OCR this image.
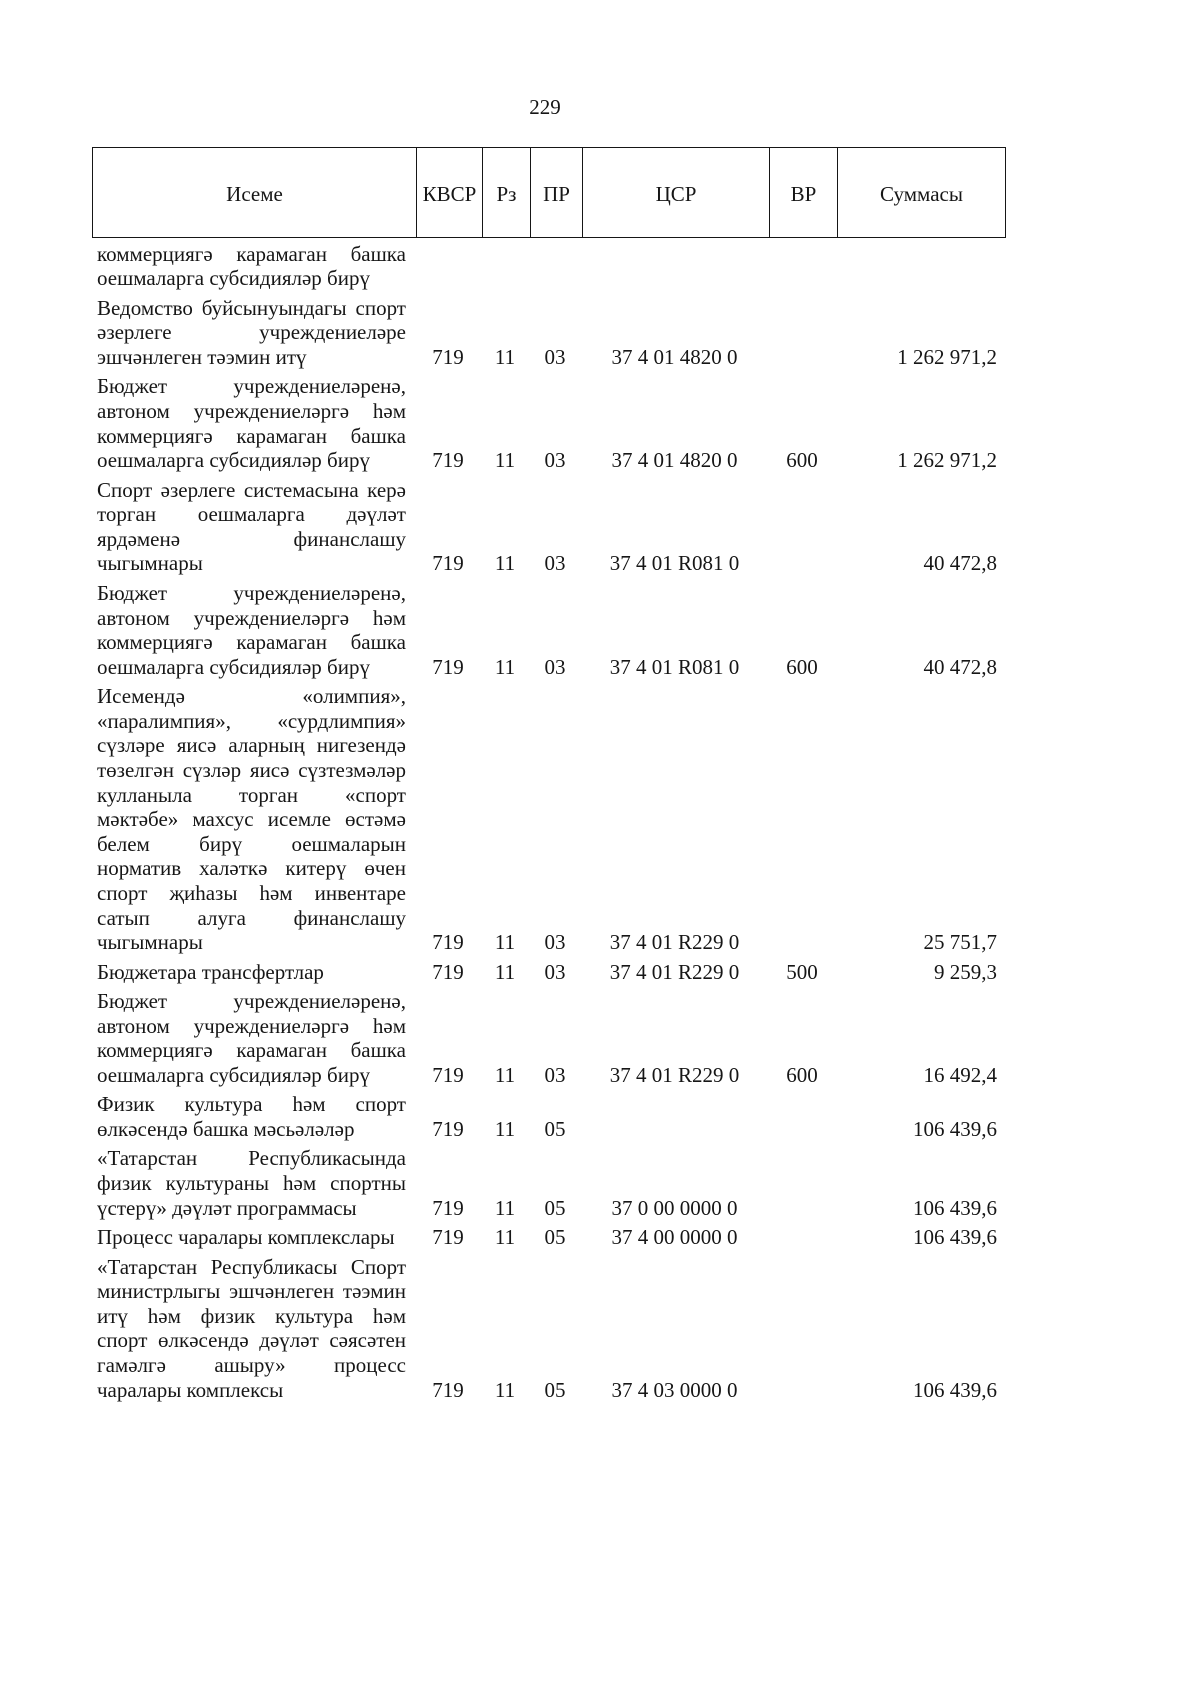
229
Исеме	КВСР Рз	ПР	ЦСР	ВР	Суммасы
коммерциягә карамаган башка
оешмаларга субсидияләр бирү
Ведомство буйсынуындагы спорт
әзерлеге учреждениеләре
эшчәнлеген тәэмин итү	719	11	03	37 4 01 4820 0	1 262 971,2
Бюджет учреждениеләренә,
автоном учреждениеләргә һәм
коммерциягә карамаган башка
оешмаларга субсидияләр бирү	719	11	03	37 4 01 4820 0	600	1 262 971,2
Спорт әзерлеге системасына керә
торган оешмаларга дәүләт
ярдәменә финанслашу
чыгымнары	719	11	03	37 4 01 R081 0	40 472,8
Бюджет учреждениеләренә,
автоном учреждениеләргә һәм
коммерциягә карамаган башка
оешмаларга субсидияләр бирү	719	11	03	37 4 01 R081 0	600	40 472,8
Исемендә «олимпия»,
«паралимпия», «сурдлимпия»
сүзләре яисә аларның нигезендә
төзелгән сүзләр яисә сүзтезмәләр
кулланыла торган «спорт
мәктәбе» махсус исемле өстәмә
белем бирү оешмаларын
норматив халәткә китерү өчен
спорт җиһазы һәм инвентаре
сатып алуга финанслашу
чыгымнары	719	11	03	37 4 01 R229 0	25 751,7
Бюджетара трансфертлар	719	11	03	37 4 01 R229 0	500	9 259,3
Бюджет учреждениеләренә,
автоном учреждениеләргә һәм
коммерциягә карамаган башка
оешмаларга субсидияләр бирү	719	11	03	37 4 01 R229 0	600	16 492,4
Физик культура һәм спорт
өлкәсендә башка мәсьәләләр	719	11	05	106 439,6
«Татарстан Республикасында
физик культураны һәм спортны
үстерү» дәүләт программасы	719	11	05	37 0 00 0000 0	106 439,6
Процесс чаралары комплекслары	719	11	05	37 4 00 0000 0	106 439,6
«Татарстан Республикасы Спорт
министрлыгы эшчәнлеген тәэмин
итү һәм физик культура һәм
спорт өлкәсендә дәүләт сәясәтен
гамәлгә ашыру» процесс
чаралары комплексы	719	11	05	37 4 03 0000 0	106 439,6
